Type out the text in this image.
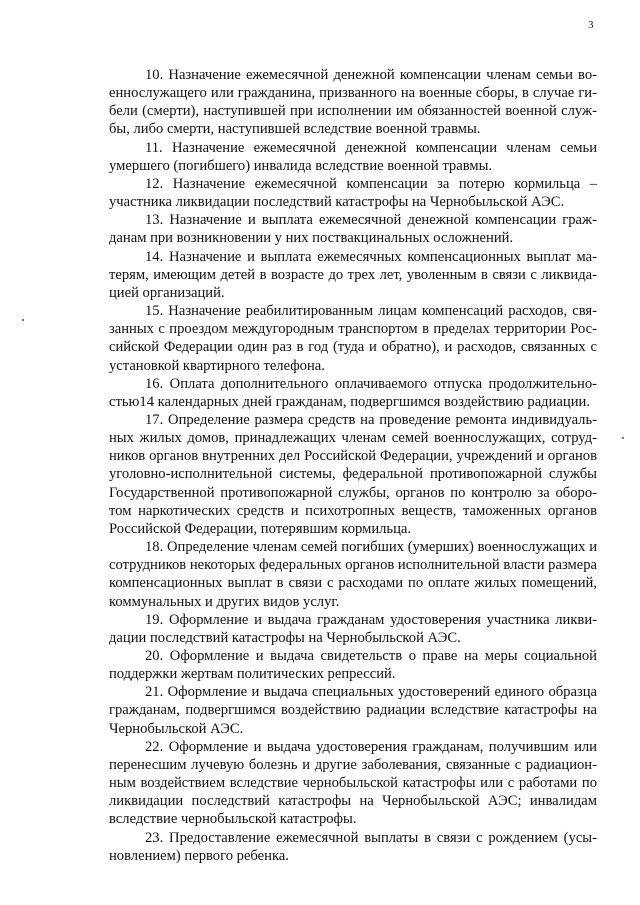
3

10. Назначение ежемесячной денежной компенсации членам семьи военнослужащего или гражданина, призванного на военные сборы, в случае гибели (смерти), наступившей при исполнении им обязанностей военной службы, либо смерти, наступившей вследствие военной травмы.

11. Назначение ежемесячной денежной компенсации членам семьи умершего (погибшего) инвалида вследствие военной травмы.

12. Назначение ежемесячной компенсации за потерю кормильца – участника ликвидации последствий катастрофы на Чернобыльской АЭС.

13. Назначение и выплата ежемесячной денежной компенсации гражданам при возникновении у них поствакцинальных осложнений.

14. Назначение и выплата ежемесячных компенсационных выплат матерям, имеющим детей в возрасте до трех лет, уволенным в связи с ликвидацией организаций.

15. Назначение реабилитированным лицам компенсаций расходов, связанных с проездом междугородным транспортом в пределах территории Российской Федерации один раз в год (туда и обратно), и расходов, связанных с установкой квартирного телефона.

16. Оплата дополнительного оплачиваемого отпуска продолжительностью14 календарных дней гражданам, подвергшимся воздействию радиации.

17. Определение размера средств на проведение ремонта индивидуальных жилых домов, принадлежащих членам семей военнослужащих, сотрудников органов внутренних дел Российской Федерации, учреждений и органов уголовно-исполнительной системы, федеральной противопожарной службы Государственной противопожарной службы, органов по контролю за оборотом наркотических средств и психотропных веществ, таможенных органов Российской Федерации, потерявшим кормильца.

18. Определение членам семей погибших (умерших) военнослужащих и сотрудников некоторых федеральных органов исполнительной власти размера компенсационных выплат в связи с расходами по оплате жилых помещений, коммунальных и других видов услуг.

19. Оформление и выдача гражданам удостоверения участника ликвидации последствий катастрофы на Чернобыльской АЭС.

20. Оформление и выдача свидетельств о праве на меры социальной поддержки жертвам политических репрессий.

21. Оформление и выдача специальных удостоверений единого образца гражданам, подвергшимся воздействию радиации вследствие катастрофы на Чернобыльской АЭС.

22. Оформление и выдача удостоверения гражданам, получившим или перенесшим лучевую болезнь и другие заболевания, связанные с радиационным воздействием вследствие чернобыльской катастрофы или с работами по ликвидации последствий катастрофы на Чернобыльской АЭС; инвалидам вследствие чернобыльской катастрофы.

23. Предоставление ежемесячной выплаты в связи с рождением (усыновлением) первого ребенка.
